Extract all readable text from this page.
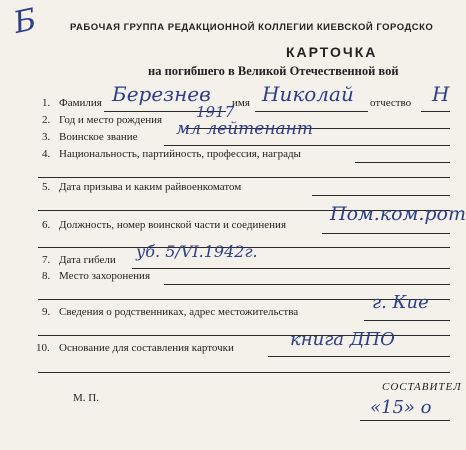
Б	РАБОЧАЯ ГРУППА РЕДАКЦИОННОЙ КОЛЛЕГИИ КИЕВСКОЙ ГОРОДСКО
КАРТОЧКА
на погибшего в Великой Отечественной вой
1. Фамилия Березнев имя Николай отчество Н
2. Год и место рождения 1917
3. Воинское звание мл лейтенант
4. Национальность, партийность, профессия, награды
5. Дата призыва и каким райвоенкоматом
6. Должность, номер воинской части и соединения Пом.ком.рот
7. Дата гибели уб. 5/VI.1942г.
8. Место захоронения
9. Сведения о родственниках, адрес местожительства	г. Кие
10. Основание для составления карточки	книга ДПО
М. П.
СОСТАВИТЕЛ
«15» о
